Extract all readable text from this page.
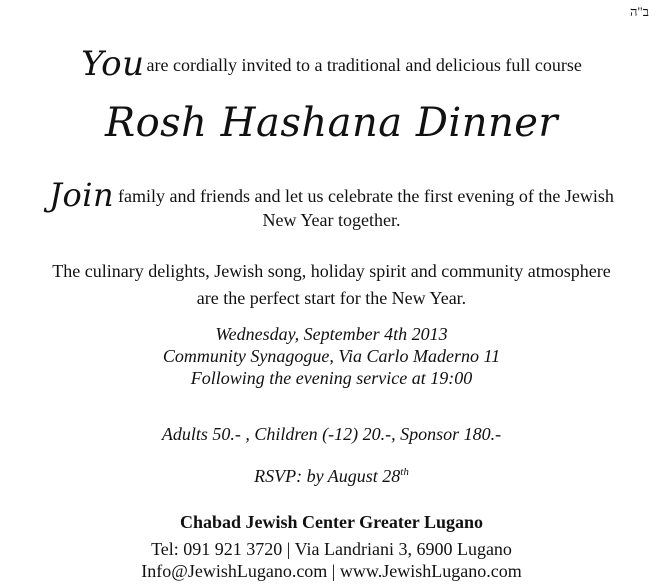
ב"ה
You are cordially invited to a traditional and delicious full course
Rosh Hashana Dinner
Join family and friends and let us celebrate the first evening of the Jewish
New Year together.
The culinary delights, Jewish song, holiday spirit and community atmosphere
are the perfect start for the New Year.
Wednesday, September 4th 2013
Community Synagogue, Via Carlo Maderno 11
Following the evening service at 19:00
Adults 50.- , Children (-12) 20.-, Sponsor 180.-
RSVP: by August 28th
Chabad Jewish Center Greater Lugano
Tel: 091 921 3720 | Via Landriani 3, 6900 Lugano
Info@JewishLugano.com | www.JewishLugano.com
